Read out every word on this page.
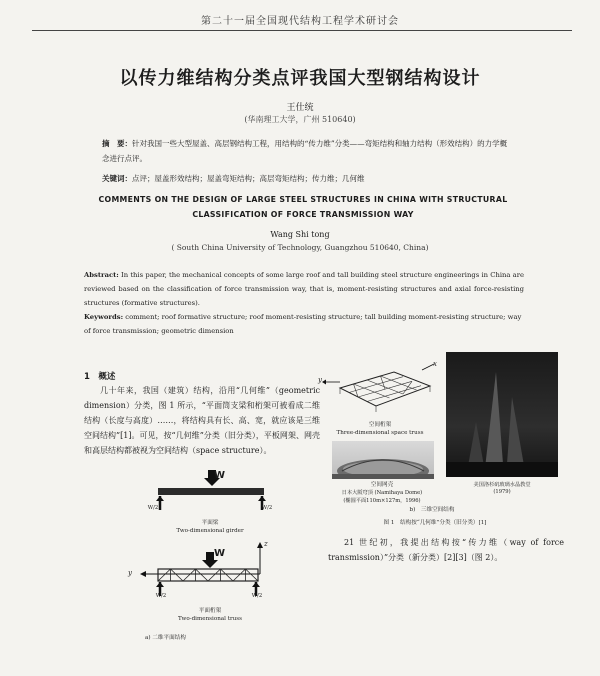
第二十一届全国现代结构工程学术研讨会
以传力维结构分类点评我国大型钢结构设计
王仕统
(华南理工大学，广州 510640)
摘　要：针对我国一些大型屋盖、高层钢结构工程，用结构的“传力维”分类——弯矩结构和轴力结构（形效结构）的力学概念进行点评。
关键词：点评；屋盖形效结构；屋盖弯矩结构；高层弯矩结构；传力维；几何维
COMMENTS ON THE DESIGN OF LARGE STEEL STRUCTURES IN CHINA WITH STRUCTURAL CLASSIFICATION OF FORCE TRANSMISSION WAY
Wang Shi tong
( South China University of Technology, Guangzhou 510640, China)
Abstract: In this paper, the mechanical concepts of some large roof and tall building steel structure engineerings in China are reviewed based on the classification of force transmission way, that is, moment-resisting structures and axial force-resisting structures (formative structures).
Keywords: comment; roof formative structure; roof moment-resisting structure; tall building moment-resisting structure; way of force transmission; geometric dimension
1　概述
几十年来，我国（建筑）结构，沿用“几何维”（geometric dimension）分类，图 1 所示，“平面筒支梁和桁架可被看成二维结构（长度与高度）……，将结构具有长、高、宽，就应该是三维空间结构”[1]。可见，按“几何维”分类（旧分类），平板网架、网壳和高层结构都被视为空间结构（space structure）。
W
W/2	W/2
平面梁
Two-dimensional girder
W
y
z
W/2	W/2
平面桁架
Two-dimensional truss
a) 二维平面结构
y
x
空间桁架
Three-dimensional space truss
空间网壳
日本大阪穹顶 (Namihaya Dome)
(椭圆平面110m×127m，1996)
美国洛杉矶玻璃水晶教堂
(1979)
b)　三维空间结构
图 1　结构按“几何维”分类（旧分类）[1]
21 世纪初，我提出结构按“传力维（way of force transmission）”分类（新分类）[2][3]（图 2）。
